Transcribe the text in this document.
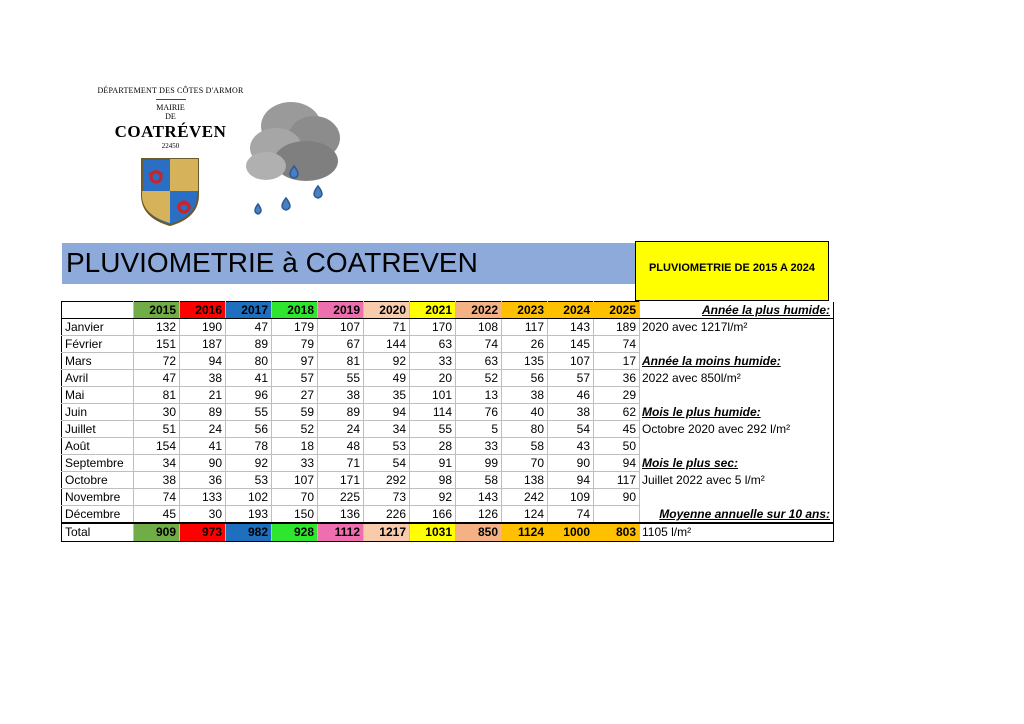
DÉPARTEMENT DES CÔTES D'ARMOR
MAIRIE
DE
COATRÉVEN
22450
PLUVIOMETRIE à COATREVEN	PLUVIOMETRIE DE 2015 A 2024
	2015	2016	2017	2018	2019	2020	2021	2022	2023	2024	2025	Année la plus humide:
Janvier	132	190	47	179	107	71	170	108	117	143	189	2020 avec 1217l/m²
Février	151	187	89	79	67	144	63	74	26	145	74	
Mars	72	94	80	97	81	92	33	63	135	107	17	Année la moins humide:
Avril	47	38	41	57	55	49	20	52	56	57	36	2022 avec 850l/m²
Mai	81	21	96	27	38	35	101	13	38	46	29	
Juin	30	89	55	59	89	94	114	76	40	38	62	Mois le plus humide:
Juillet	51	24	56	52	24	34	55	5	80	54	45	Octobre 2020 avec 292 l/m²
Août	154	41	78	18	48	53	28	33	58	43	50	
Septembre	34	90	92	33	71	54	91	99	70	90	94	Mois le plus sec:
Octobre	38	36	53	107	171	292	98	58	138	94	117	Juillet 2022 avec 5 l/m²
Novembre	74	133	102	70	225	73	92	143	242	109	90	
Décembre	45	30	193	150	136	226	166	126	124	74		Moyenne annuelle sur 10 ans:
Total	909	973	982	928	1112	1217	1031	850	1124	1000	803	1105 l/m²
